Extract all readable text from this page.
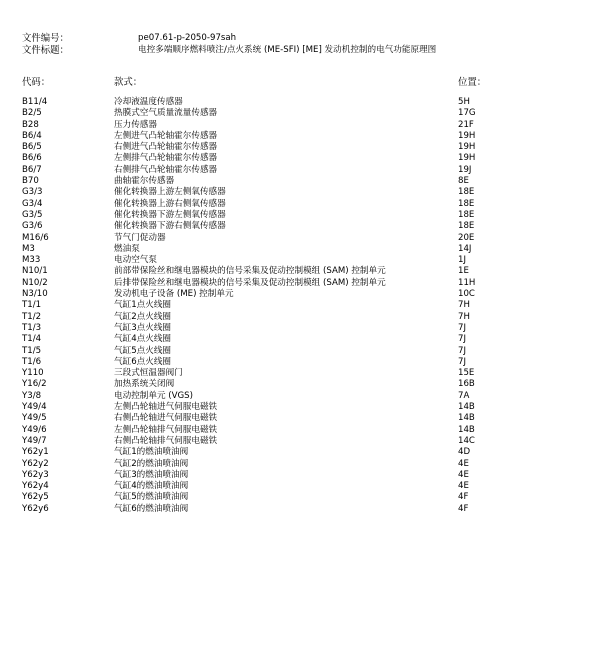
文件编号：	pe07.61-p-2050-97sah
文件标题：	电控多端顺序燃料喷注/点火系统 (ME-SFI) [ME] 发动机控制的电气功能原理图
代码：	款式：	位置：
B11/4	冷却液温度传感器	5H
B2/5	热膜式空气质量流量传感器	17G
B28	压力传感器	21F
B6/4	左侧进气凸轮轴霍尔传感器	19H
B6/5	右侧进气凸轮轴霍尔传感器	19H
B6/6	左侧排气凸轮轴霍尔传感器	19H
B6/7	右侧排气凸轮轴霍尔传感器	19J
B70	曲轴霍尔传感器	8E
G3/3	催化转换器上游左侧氧传感器	18E
G3/4	催化转换器上游右侧氧传感器	18E
G3/5	催化转换器下游左侧氧传感器	18E
G3/6	催化转换器下游右侧氧传感器	18E
M16/6	节气门促动器	20E
M3	燃油泵	14J
M33	电动空气泵	1J
N10/1	前部带保险丝和继电器模块的信号采集及促动控制模组 (SAM) 控制单元	1E
N10/2	后排带保险丝和继电器模块的信号采集及促动控制模组 (SAM) 控制单元	11H
N3/10	发动机电子设备 (ME) 控制单元	10C
T1/1	气缸1点火线圈	7H
T1/2	气缸2点火线圈	7H
T1/3	气缸3点火线圈	7J
T1/4	气缸4点火线圈	7J
T1/5	气缸5点火线圈	7J
T1/6	气缸6点火线圈	7J
Y110	三段式恒温器阀门	15E
Y16/2	加热系统关闭阀	16B
Y3/8	电动控制单元 (VGS)	7A
Y49/4	左侧凸轮轴进气伺服电磁铁	14B
Y49/5	右侧凸轮轴进气伺服电磁铁	14B
Y49/6	左侧凸轮轴排气伺服电磁铁	14B
Y49/7	右侧凸轮轴排气伺服电磁铁	14C
Y62y1	气缸1的燃油喷油阀	4D
Y62y2	气缸2的燃油喷油阀	4E
Y62y3	气缸3的燃油喷油阀	4E
Y62y4	气缸4的燃油喷油阀	4E
Y62y5	气缸5的燃油喷油阀	4F
Y62y6	气缸6的燃油喷油阀	4F
